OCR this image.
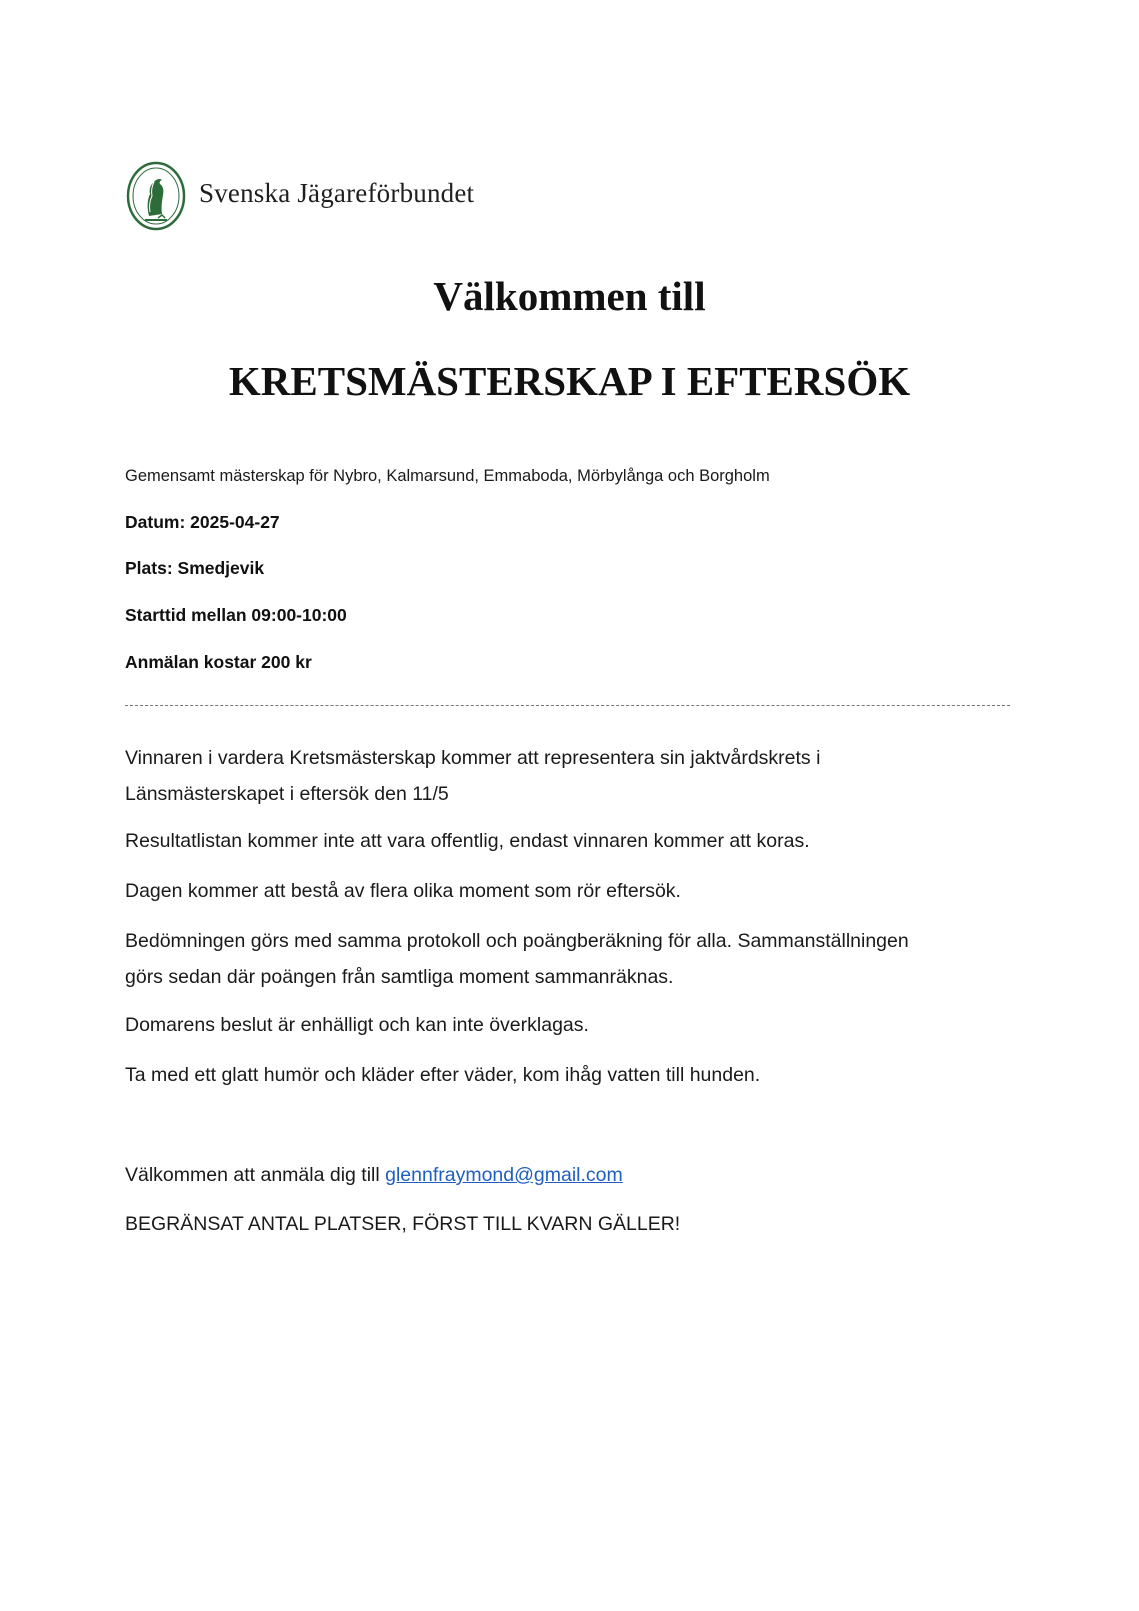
Svenska Jägareförbundet
Välkommen till
KRETSMÄSTERSKAP I EFTERSÖK
Gemensamt mästerskap för Nybro, Kalmarsund, Emmaboda, Mörbylånga och Borgholm
Datum: 2025-04-27
Plats: Smedjevik
Starttid mellan 09:00-10:00
Anmälan kostar 200 kr
Vinnaren i vardera Kretsmästerskap kommer att representera sin jaktvårdskrets i
Länsmästerskapet i eftersök den 11/5
Resultatlistan kommer inte att vara offentlig, endast vinnaren kommer att koras.
Dagen kommer att bestå av flera olika moment som rör eftersök.
Bedömningen görs med samma protokoll och poängberäkning för alla. Sammanställningen
görs sedan där poängen från samtliga moment sammanräknas.
Domarens beslut är enhälligt och kan inte överklagas.
Ta med ett glatt humör och kläder efter väder, kom ihåg vatten till hunden.
Välkommen att anmäla dig till glennfraymond@gmail.com
BEGRÄNSAT ANTAL PLATSER, FÖRST TILL KVARN GÄLLER!
